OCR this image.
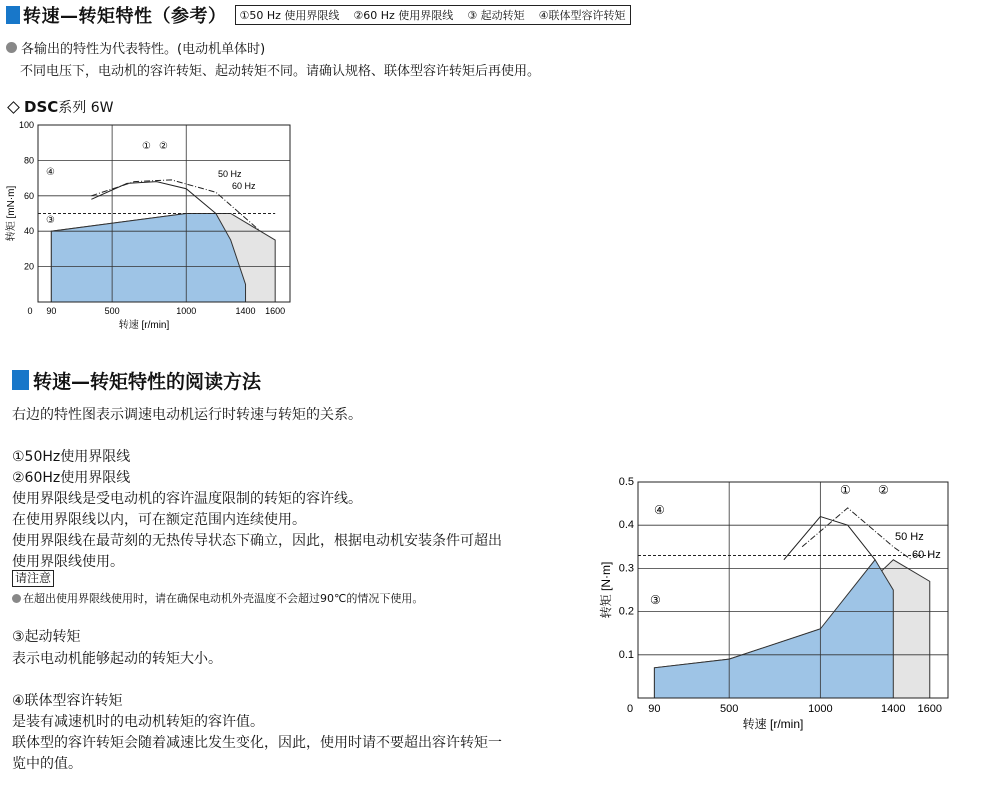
转速—转矩特性（参考） ①50 Hz 使用界限线 ②60 Hz 使用界限线 ③ 起动转矩 ④联体型容许转矩
各输出的特性为代表特性。(电动机单体时)
不同电压下，电动机的容许转矩、起动转矩不同。请确认规格、联体型容许转矩后再使用。
DSC 系列 6W
20
40
60
80
100
0 90	500	1000	1400 1600
转速 [r/min]
转矩 [mN·m]
50 Hz
60 Hz
① ②
③
④
转速—转矩特性的阅读方法
右边的特性图表示调速电动机运行时转速与转矩的关系。
①50Hz使用界限线
②60Hz使用界限线
使用界限线是受电动机的容许温度限制的转矩的容许线。
在使用界限线以内，可在额定范围内连续使用。
使用界限线在最苛刻的无热传导状态下确立，因此，根据电动机安装条件可超出
使用界限线使用。
请注意
在超出使用界限线使用时，请在确保电动机外壳温度不会超过90℃的情况下使用。
③起动转矩
表示电动机能够起动的转矩大小。
④联体型容许转矩
是装有减速机时的电动机转矩的容许值。
联体型的容许转矩会随着减速比发生变化，因此，使用时请不要超出容许转矩一
览中的值。
0.1
0.2
0.3
0.4
0.5
0 90	500	1000	1400 1600
转速 [r/min]
转矩 [N·m]
50 Hz
60 Hz
① ②
③
④
